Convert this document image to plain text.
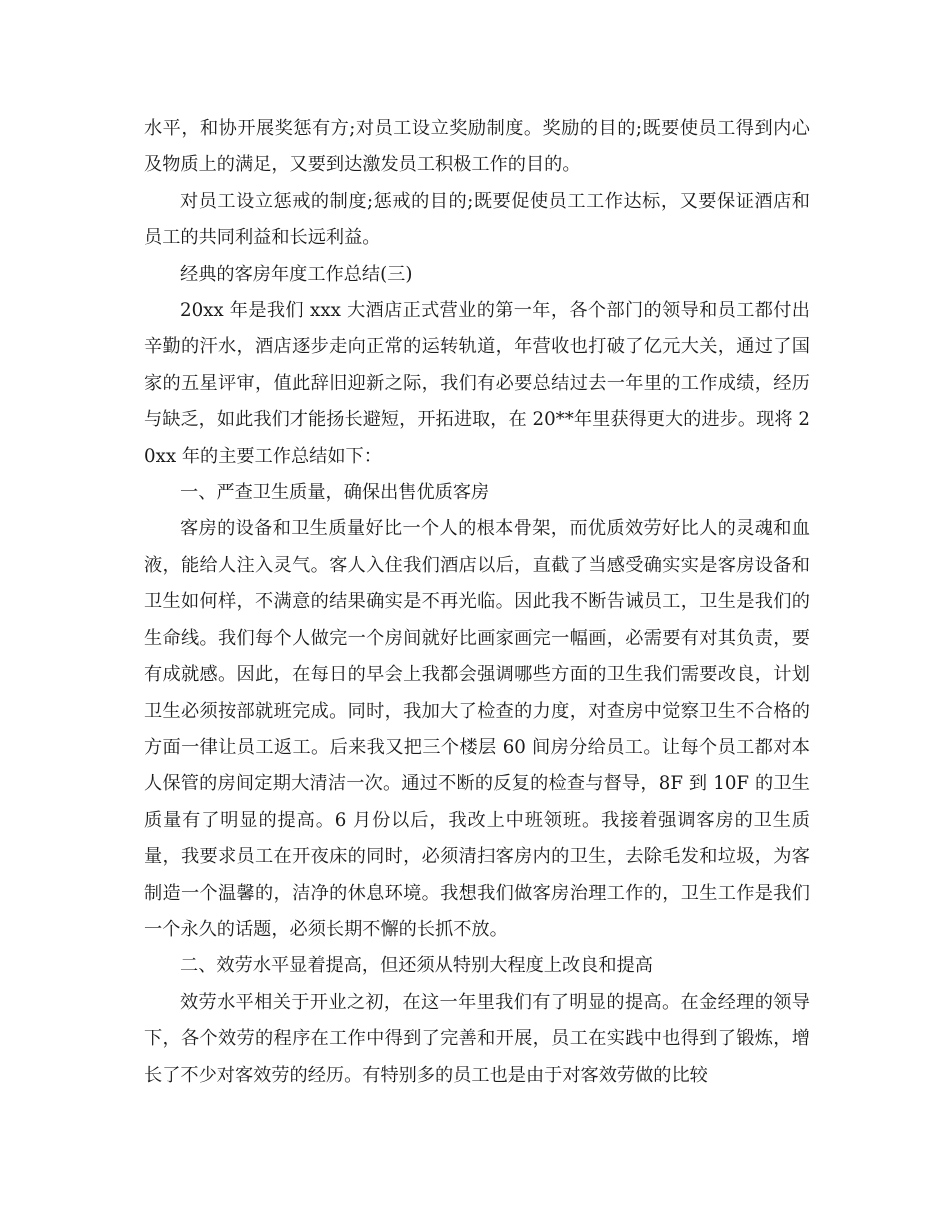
水平，和协开展奖惩有方;对员工设立奖励制度。奖励的目的;既要使员工得到内心及物质上的满足，又要到达激发员工积极工作的目的。

对员工设立惩戒的制度;惩戒的目的;既要促使员工工作达标，又要保证酒店和员工的共同利益和长远利益。

经典的客房年度工作总结(三)

20xx 年是我们 xxx 大酒店正式营业的第一年，各个部门的领导和员工都付出辛勤的汗水，酒店逐步走向正常的运转轨道，年营收也打破了亿元大关，通过了国家的五星评审，值此辞旧迎新之际，我们有必要总结过去一年里的工作成绩，经历与缺乏，如此我们才能扬长避短，开拓进取，在 20**年里获得更大的进步。现将 20xx 年的主要工作总结如下：

一、严查卫生质量，确保出售优质客房

客房的设备和卫生质量好比一个人的根本骨架，而优质效劳好比人的灵魂和血液，能给人注入灵气。客人入住我们酒店以后，直截了当感受确实实是客房设备和卫生如何样，不满意的结果确实是不再光临。因此我不断告诫员工，卫生是我们的生命线。我们每个人做完一个房间就好比画家画完一幅画，必需要有对其负责，要有成就感。因此，在每日的早会上我都会强调哪些方面的卫生我们需要改良，计划卫生必须按部就班完成。同时，我加大了检查的力度，对查房中觉察卫生不合格的方面一律让员工返工。后来我又把三个楼层 60 间房分给员工。让每个员工都对本人保管的房间定期大清洁一次。通过不断的反复的检查与督导，8F 到 10F 的卫生质量有了明显的提高。6 月份以后，我改上中班领班。我接着强调客房的卫生质量，我要求员工在开夜床的同时，必须清扫客房内的卫生，去除毛发和垃圾，为客制造一个温馨的，洁净的休息环境。我想我们做客房治理工作的，卫生工作是我们一个永久的话题，必须长期不懈的长抓不放。

二、效劳水平显着提高，但还须从特别大程度上改良和提高

效劳水平相关于开业之初，在这一年里我们有了明显的提高。在金经理的领导下，各个效劳的程序在工作中得到了完善和开展，员工在实践中也得到了锻炼，增长了不少对客效劳的经历。有特别多的员工也是由于对客效劳做的比较
